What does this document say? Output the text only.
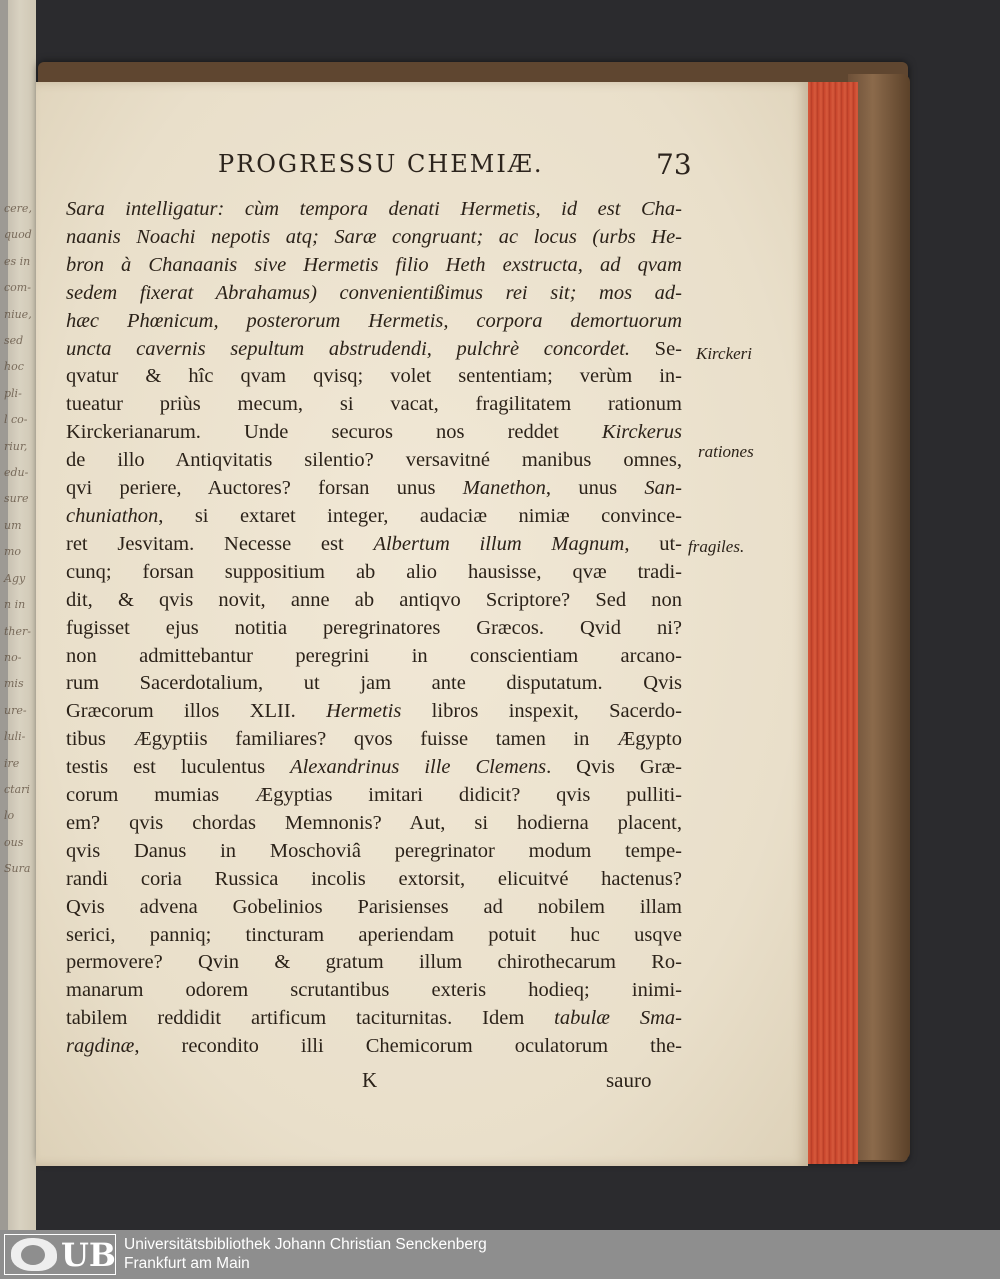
cere,
quod
es in
com-
niue,
sed
hoc
pli-
l co-
riur,
edu-
sure
um
mo
Agy
n in
ther-
no-
mis
ure-
luli-
ire
ctari
lo
ous
Sura
PROGRESSU CHEMIÆ.	73
Sara intelligatur: cùm tempora denati Hermetis, id est Cha-
naanis Noachi nepotis atq; Saræ congruant; ac locus (urbs He-
bron à Chanaanis sive Hermetis filio Heth exstructa, ad qvam
sedem fixerat Abrahamus) convenientißimus rei sit; mos ad-
hæc Phœnicum, posterorum Hermetis, corpora demortuorum
uncta cavernis sepultum abstrudendi, pulchrè concordet. Se-
qvatur & hîc qvam qvisq; volet sententiam; verùm in-
tueatur priùs mecum, si vacat, fragilitatem rationum
Kirckerianarum. Unde securos nos reddet Kirckerus
de illo Antiqvitatis silentio? versavitné manibus omnes,
qvi periere, Auctores? forsan unus Manethon, unus San-
chuniathon, si extaret integer, audaciæ nimiæ convince-
ret Jesvitam. Necesse est Albertum illum Magnum, ut-
cunq; forsan suppositium ab alio hausisse, qvæ tradi-
dit, & qvis novit, anne ab antiqvo Scriptore? Sed non
fugisset ejus notitia peregrinatores Græcos. Qvid ni?
non admittebantur peregrini in conscientiam arcano-
rum Sacerdotalium, ut jam ante disputatum. Qvis
Græcorum illos XLII. Hermetis libros inspexit, Sacerdo-
tibus Ægyptiis familiares? qvos fuisse tamen in Ægypto
testis est luculentus Alexandrinus ille Clemens. Qvis Græ-
corum mumias Ægyptias imitari didicit? qvis pulliti-
em? qvis chordas Memnonis? Aut, si hodierna placent,
qvis Danus in Moschoviâ peregrinator modum tempe-
randi coria Russica incolis extorsit, elicuitvé hactenus?
Qvis advena Gobelinios Parisienses ad nobilem illam
serici, panniq; tincturam aperiendam potuit huc usqve
permovere? Qvin & gratum illum chirothecarum Ro-
manarum odorem scrutantibus exteris hodieq; inimi-
tabilem reddidit artificum taciturnitas. Idem tabulæ Sma-
ragdinæ, recondito illi Chemicorum oculatorum the-
Kirckeri
rationes
fragiles.
K	sauro
UB Universitätsbibliothek Johann Christian Senckenberg
Frankfurt am Main
